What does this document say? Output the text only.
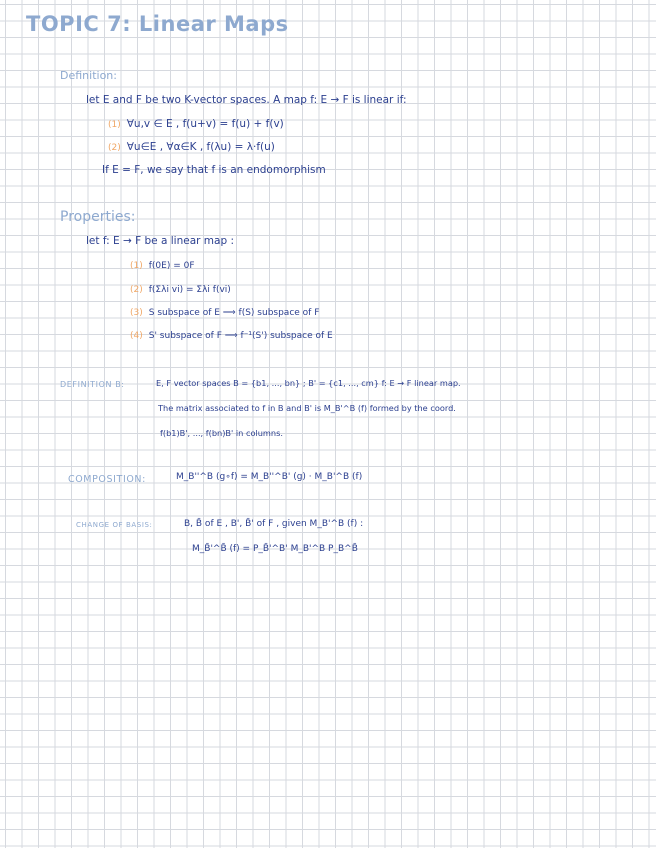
TOPIC 7: Linear Maps
Definition:
let E and F be two K-vector spaces. A map f: E → F is linear if:
(1) ∀u,v ∈ E , f(u+v) = f(u) + f(v)
(2) ∀u∈E , ∀α∈K , f(λu) = λ·f(u)
If E = F, we say that f is an endomorphism
Properties:
let f: E → F be a linear map :
(1) f(0E) = 0F
(2) f(Σλi vi) = Σλi f(vi)
(3) S subspace of E ⟹ f(S) subspace of F
(4) S' subspace of F ⟹ f⁻¹(S') subspace of E
DEFINITION B:	E, F vector spaces B = {b1, ..., bn} ; B' = {c1, ..., cm} f: E → F linear map.
The matrix associated to f in B and B' is M_B'^B (f) formed by the coord.
f(b1)B', ..., f(bn)B' in columns.
COMPOSITION:	M_B''^B (g∘f) = M_B''^B' (g) · M_B'^B (f)
CHANGE OF BASIS:	B, B̄ of E , B', B̄' of F , given M_B'^B (f) :
M_B̄'^B̄ (f) = P_B̄'^B' M_B'^B P_B^B̄
